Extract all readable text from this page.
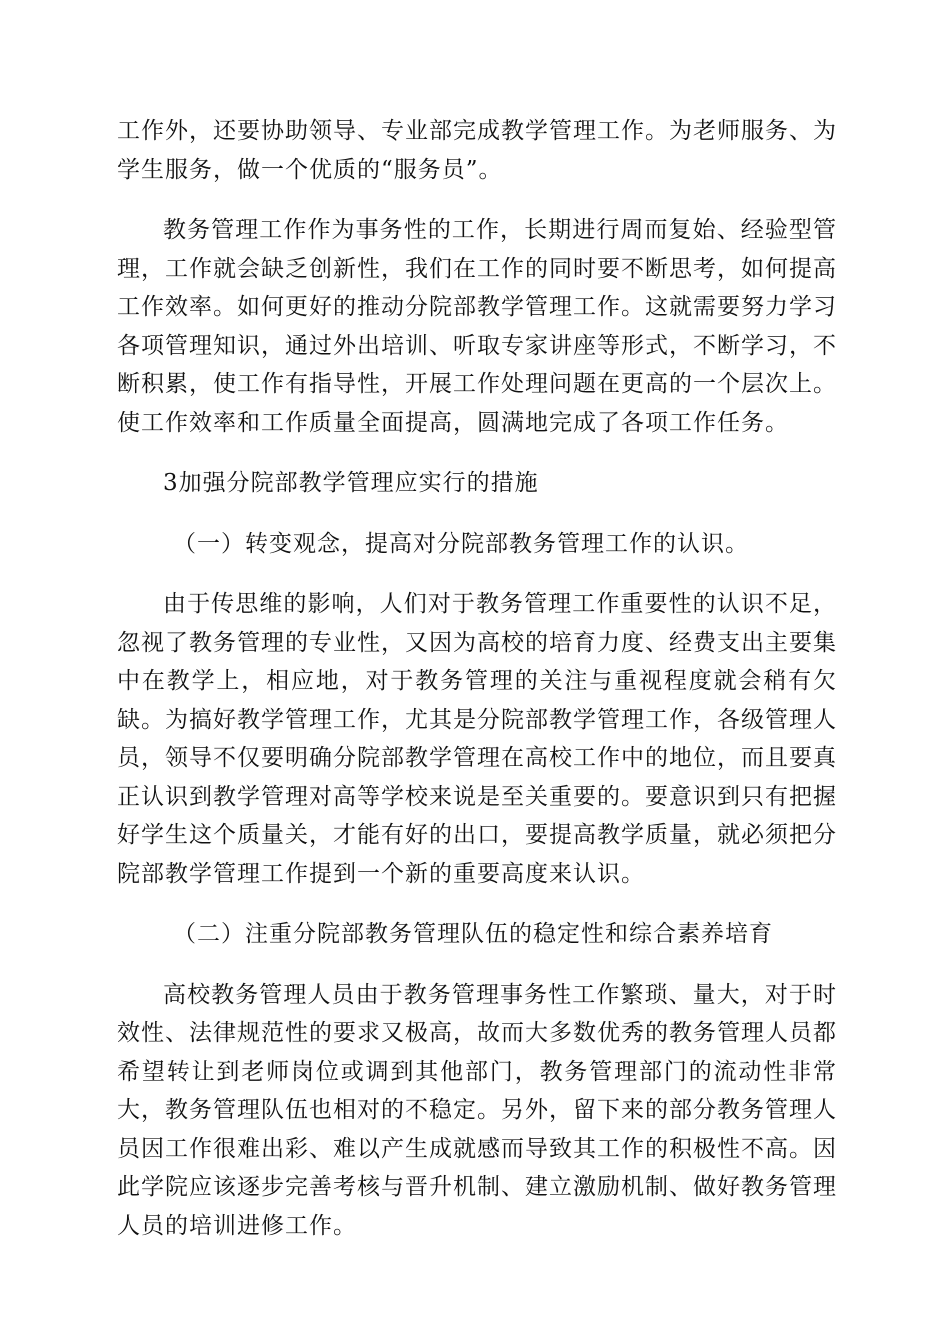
工作外，还要协助领导、专业部完成教学管理工作。为老师服务、为学生服务，做一个优质的“服务员”。

教务管理工作作为事务性的工作，长期进行周而复始、经验型管理，工作就会缺乏创新性，我们在工作的同时要不断思考，如何提高工作效率。如何更好的推动分院部教学管理工作。这就需要努力学习各项管理知识，通过外出培训、听取专家讲座等形式，不断学习，不断积累，使工作有指导性，开展工作处理问题在更高的一个层次上。使工作效率和工作质量全面提高，圆满地完成了各项工作任务。

3加强分院部教学管理应实行的措施

（一）转变观念，提高对分院部教务管理工作的认识。

由于传思维的影响，人们对于教务管理工作重要性的认识不足，忽视了教务管理的专业性，又因为高校的培育力度、经费支出主要集中在教学上，相应地，对于教务管理的关注与重视程度就会稍有欠缺。为搞好教学管理工作，尤其是分院部教学管理工作，各级管理人员，领导不仅要明确分院部教学管理在高校工作中的地位，而且要真正认识到教学管理对高等学校来说是至关重要的。要意识到只有把握好学生这个质量关，才能有好的出口，要提高教学质量，就必须把分院部教学管理工作提到一个新的重要高度来认识。

（二）注重分院部教务管理队伍的稳定性和综合素养培育

高校教务管理人员由于教务管理事务性工作繁琐、量大，对于时效性、法律规范性的要求又极高，故而大多数优秀的教务管理人员都希望转让到老师岗位或调到其他部门，教务管理部门的流动性非常大，教务管理队伍也相对的不稳定。另外，留下来的部分教务管理人员因工作很难出彩、难以产生成就感而导致其工作的积极性不高。因此学院应该逐步完善考核与晋升机制、建立激励机制、做好教务管理人员的培训进修工作。
